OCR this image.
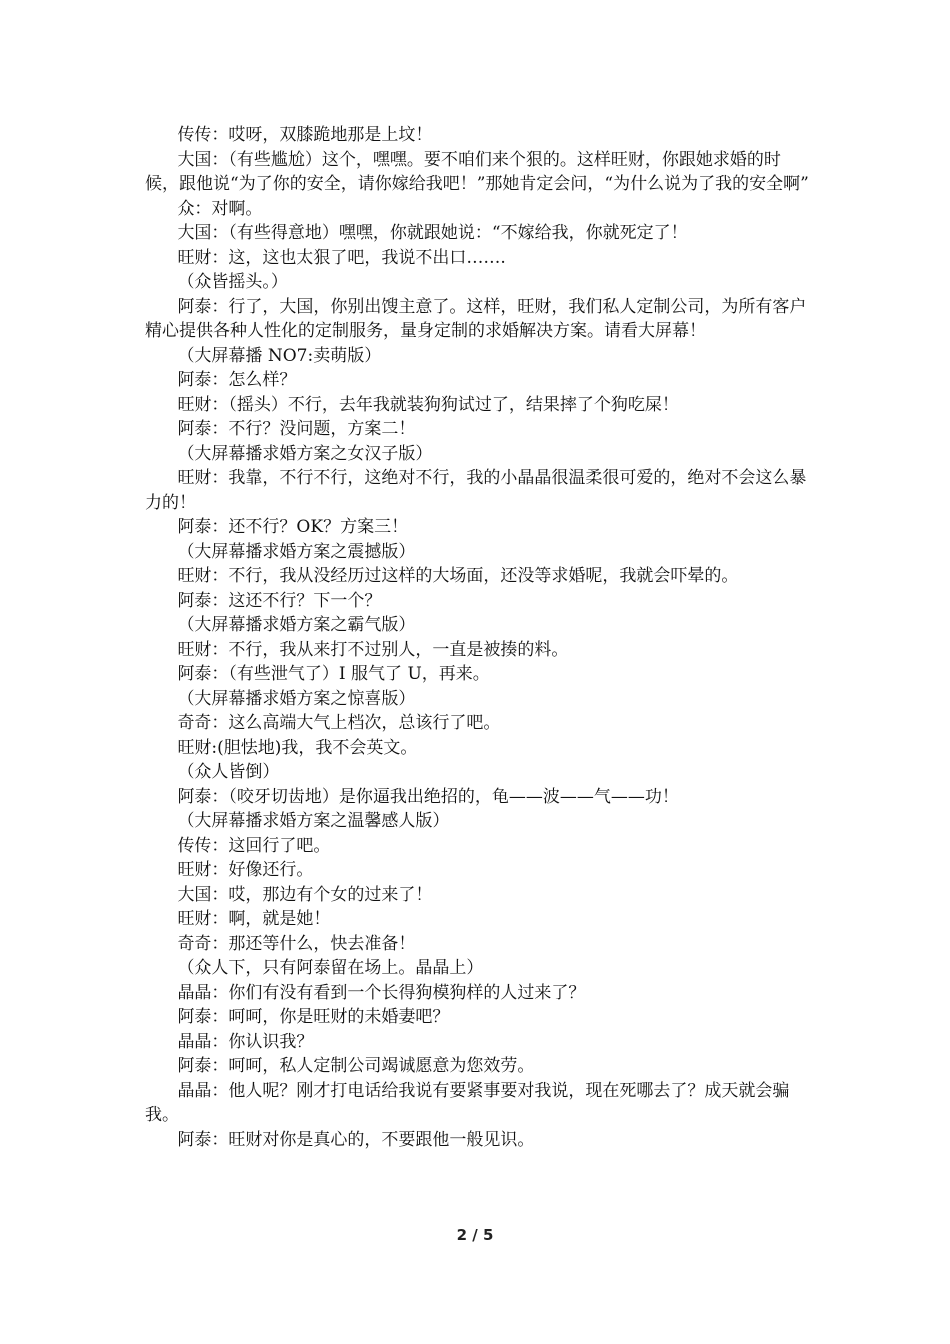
传传：哎呀，双膝跪地那是上坟！
大国：（有些尴尬）这个，嘿嘿。要不咱们来个狠的。这样旺财，你跟她求婚的时候，跟他说“为了你的安全，请你嫁给我吧！”那她肯定会问，“为什么说为了我的安全啊”
众：对啊。
大国：（有些得意地）嘿嘿，你就跟她说：“不嫁给我，你就死定了！
旺财：这，这也太狠了吧，我说不出口…….
（众皆摇头。）
阿泰：行了，大国，你别出馊主意了。这样，旺财，我们私人定制公司，为所有客户精心提供各种人性化的定制服务，量身定制的求婚解决方案。请看大屏幕！
（大屏幕播 NO7:卖萌版）
阿泰：怎么样？
旺财：（摇头）不行，去年我就装狗狗试过了，结果摔了个狗吃屎！
阿泰：不行？没问题，方案二！
（大屏幕播求婚方案之女汉子版）
旺财：我靠，不行不行，这绝对不行，我的小晶晶很温柔很可爱的，绝对不会这么暴力的！
阿泰：还不行？OK？方案三！
（大屏幕播求婚方案之震撼版）
旺财：不行，我从没经历过这样的大场面，还没等求婚呢，我就会吓晕的。
阿泰：这还不行？下一个？
（大屏幕播求婚方案之霸气版）
旺财：不行，我从来打不过别人，一直是被揍的料。
阿泰：（有些泄气了）I 服气了 U，再来。
（大屏幕播求婚方案之惊喜版）
奇奇：这么高端大气上档次，总该行了吧。
旺财:(胆怯地)我，我不会英文。
（众人皆倒）
阿泰：（咬牙切齿地）是你逼我出绝招的，龟——波——气——功！
（大屏幕播求婚方案之温馨感人版）
传传：这回行了吧。
旺财：好像还行。
大国：哎，那边有个女的过来了！
旺财：啊，就是她！
奇奇：那还等什么，快去准备！
（众人下，只有阿泰留在场上。晶晶上）
晶晶：你们有没有看到一个长得狗模狗样的人过来了？
阿泰：呵呵，你是旺财的未婚妻吧？
晶晶：你认识我？
阿泰：呵呵，私人定制公司竭诚愿意为您效劳。
晶晶：他人呢？刚才打电话给我说有要紧事要对我说，现在死哪去了？成天就会骗我。
阿泰：旺财对你是真心的，不要跟他一般见识。
2 / 5
